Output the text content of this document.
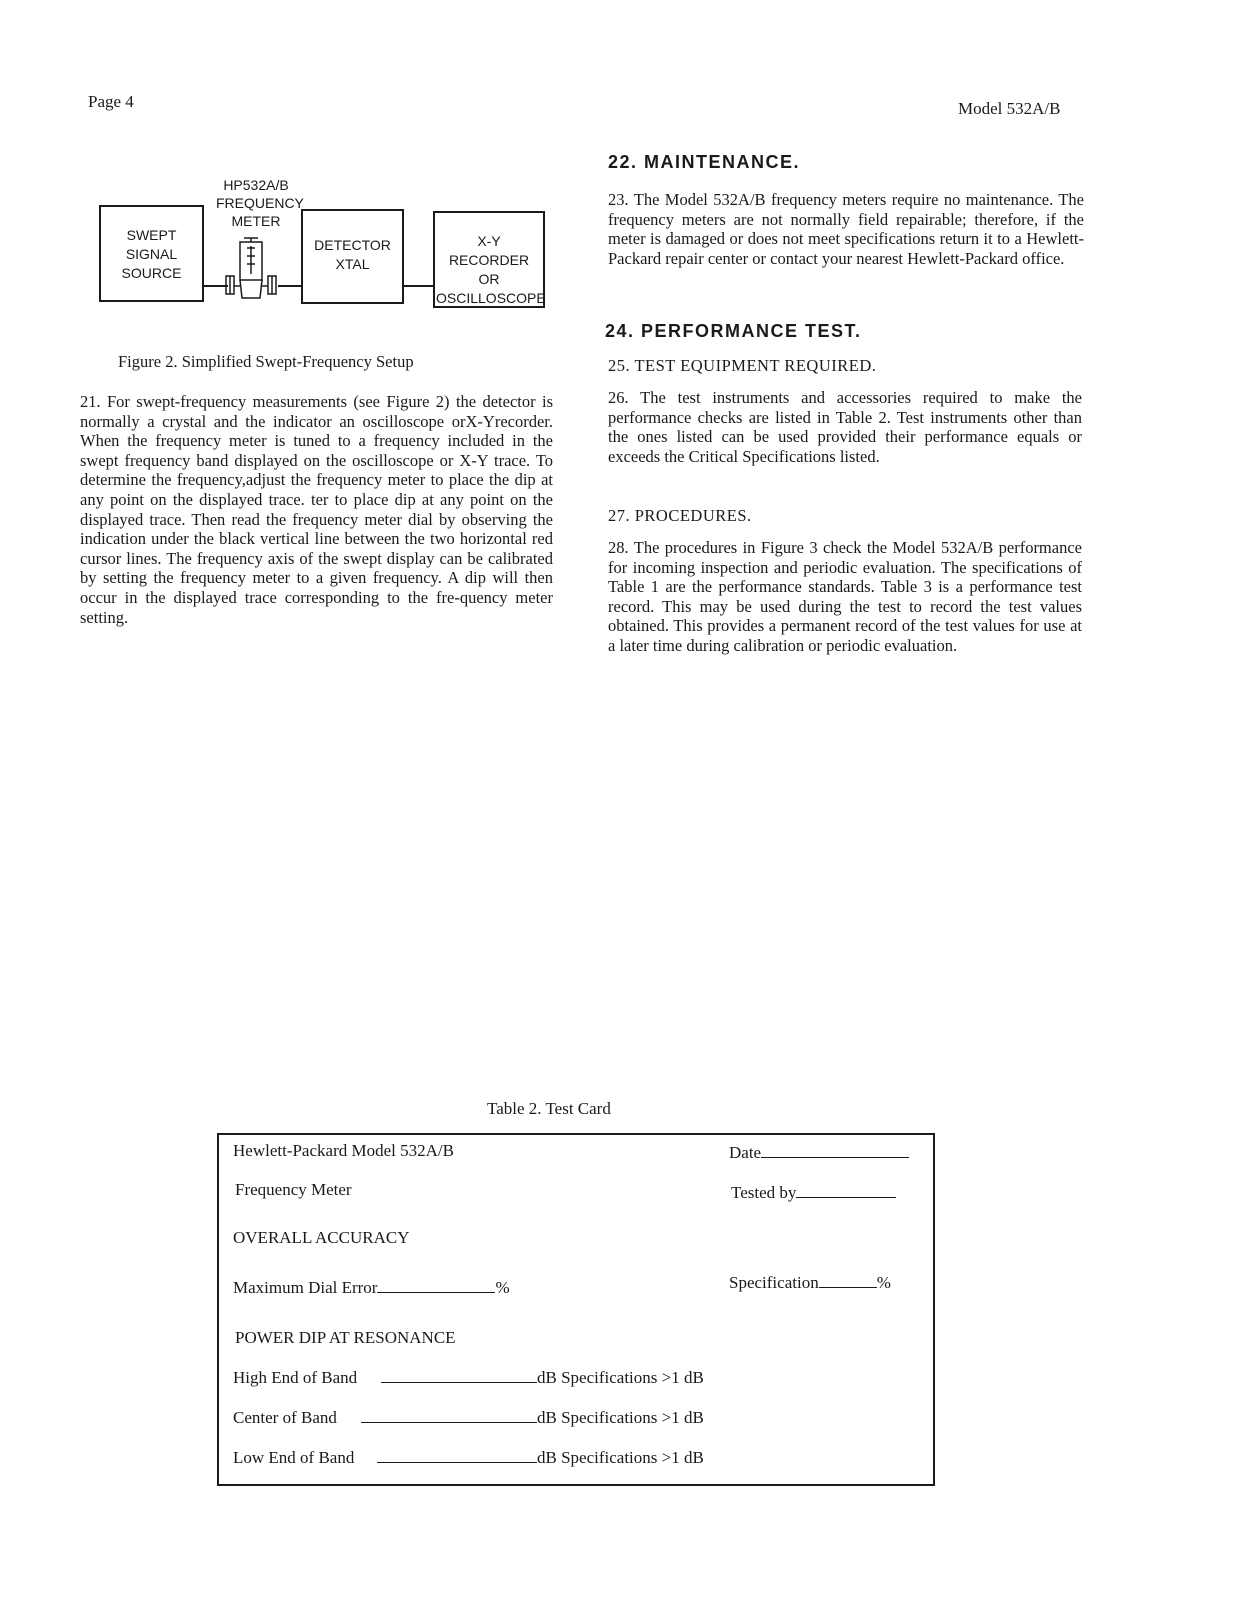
Page 4	Model 532A/B
HP532A/B
FREQUENCY
METER
SWEPT
SIGNAL
SOURCE
DETECTOR
XTAL
X-Y RECORDER
OR
OSCILLOSCOPE
Figure 2. Simplified Swept-Frequency Setup

21. For swept-frequency measurements (see Figure 2) the detector is normally a crystal and the indicator an oscilloscope orX-Yrecorder. When the frequency meter is tuned to a frequency included in the swept frequency band displayed on the oscilloscope or X-Y trace. To determine the frequency,adjust the frequency meter to place the dip at any point on the displayed trace. ter to place dip at any point on the displayed trace. Then read the frequency meter dial by observing the indication under the black vertical line between the two horizontal red cursor lines. The frequency axis of the swept display can be calibrated by setting the frequency meter to a given frequency. A dip will then occur in the displayed trace corresponding to the fre-quency meter setting.

22. MAINTENANCE.

23. The Model 532A/B frequency meters require no maintenance. The frequency meters are not normally field repairable; therefore, if the meter is damaged or does not meet specifications return it to a Hewlett-Packard repair center or contact your nearest Hewlett-Packard office.

24. PERFORMANCE TEST.
25. TEST EQUIPMENT REQUIRED.

26. The test instruments and accessories required to make the performance checks are listed in Table 2. Test instruments other than the ones listed can be used provided their performance equals or exceeds the Critical Specifications listed.

27. PROCEDURES.

28. The procedures in Figure 3 check the Model 532A/B performance for incoming inspection and periodic evaluation. The specifications of Table 1 are the performance standards. Table 3 is a performance test record. This may be used during the test to record the test values obtained. This provides a permanent record of the test values for use at a later time during calibration or periodic evaluation.

Table 2. Test Card
Hewlett-Packard Model 532A/B
Frequency Meter
Date
Tested by
OVERALL ACCURACY
Maximum Dial Error	%	Specification	%
POWER DIP AT RESONANCE
High End of Band	dB Specifications >1 dB
Center of Band	dB Specifications >1 dB
Low End of Band	dB Specifications >1 dB
